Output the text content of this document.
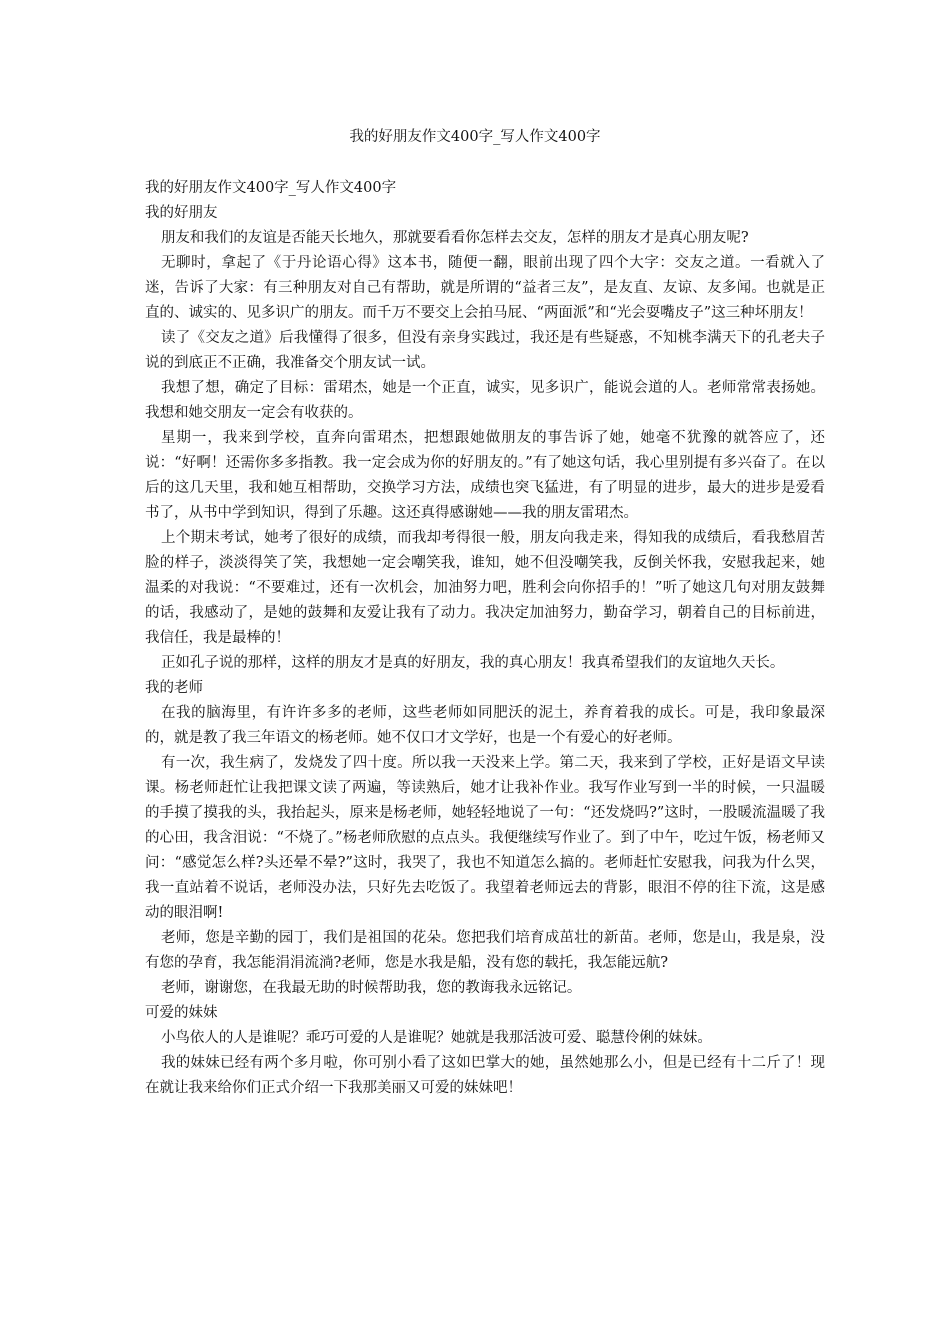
我的好朋友作文400字_写人作文400字
我的好朋友作文400字_写人作文400字
我的好朋友

朋友和我们的友谊是否能天长地久，那就要看看你怎样去交友，怎样的朋友才是真心朋友呢?

无聊时，拿起了《于丹论语心得》这本书，随便一翻，眼前出现了四个大字：交友之道。一看就入了迷，告诉了大家：有三种朋友对自己有帮助，就是所谓的“益者三友”，是友直、友谅、友多闻。也就是正直的、诚实的、见多识广的朋友。而千万不要交上会拍马屁、“两面派”和“光会耍嘴皮子”这三种坏朋友！

读了《交友之道》后我懂得了很多，但没有亲身实践过，我还是有些疑惑，不知桃李满天下的孔老夫子说的到底正不正确，我准备交个朋友试一试。

我想了想，确定了目标：雷珺杰，她是一个正直，诚实，见多识广，能说会道的人。老师常常表扬她。我想和她交朋友一定会有收获的。

星期一，我来到学校，直奔向雷珺杰，把想跟她做朋友的事告诉了她，她毫不犹豫的就答应了，还说：“好啊！还需你多多指教。我一定会成为你的好朋友的。”有了她这句话，我心里别提有多兴奋了。在以后的这几天里，我和她互相帮助，交换学习方法，成绩也突飞猛进，有了明显的进步，最大的进步是爱看书了，从书中学到知识，得到了乐趣。这还真得感谢她——我的朋友雷珺杰。

上个期末考试，她考了很好的成绩，而我却考得很一般，朋友向我走来，得知我的成绩后，看我愁眉苦脸的样子，淡淡得笑了笑，我想她一定会嘲笑我，谁知，她不但没嘲笑我，反倒关怀我，安慰我起来，她温柔的对我说：“不要难过，还有一次机会，加油努力吧，胜利会向你招手的！”听了她这几句对朋友鼓舞的话，我感动了，是她的鼓舞和友爱让我有了动力。我决定加油努力，勤奋学习，朝着自己的目标前进，我信任，我是最棒的！

正如孔子说的那样，这样的朋友才是真的好朋友，我的真心朋友！我真希望我们的友谊地久天长。

我的老师

在我的脑海里，有许许多多的老师，这些老师如同肥沃的泥土，养育着我的成长。可是，我印象最深的，就是教了我三年语文的杨老师。她不仅口才文学好，也是一个有爱心的好老师。

有一次，我生病了，发烧发了四十度。所以我一天没来上学。第二天，我来到了学校，正好是语文早读课。杨老师赶忙让我把课文读了两遍，等读熟后，她才让我补作业。我写作业写到一半的时候，一只温暖的手摸了摸我的头，我抬起头，原来是杨老师，她轻轻地说了一句：“还发烧吗?”这时，一股暖流温暖了我的心田，我含泪说：“不烧了。”杨老师欣慰的点点头。我便继续写作业了。到了中午，吃过午饭，杨老师又问：“感觉怎么样?头还晕不晕?”这时，我哭了，我也不知道怎么搞的。老师赶忙安慰我，问我为什么哭，我一直站着不说话，老师没办法，只好先去吃饭了。我望着老师远去的背影，眼泪不停的往下流，这是感动的眼泪啊!

老师，您是辛勤的园丁，我们是祖国的花朵。您把我们培育成茁壮的新苗。老师，您是山，我是泉，没有您的孕育，我怎能涓涓流淌?老师，您是水我是船，没有您的载托，我怎能远航?

老师，谢谢您，在我最无助的时候帮助我，您的教诲我永远铭记。

可爱的妹妹

小鸟依人的人是谁呢？乖巧可爱的人是谁呢？她就是我那活波可爱、聪慧伶俐的妹妹。

我的妹妹已经有两个多月啦，你可别小看了这如巴掌大的她，虽然她那么小，但是已经有十二斤了！现在就让我来给你们正式介绍一下我那美丽又可爱的妹妹吧！
